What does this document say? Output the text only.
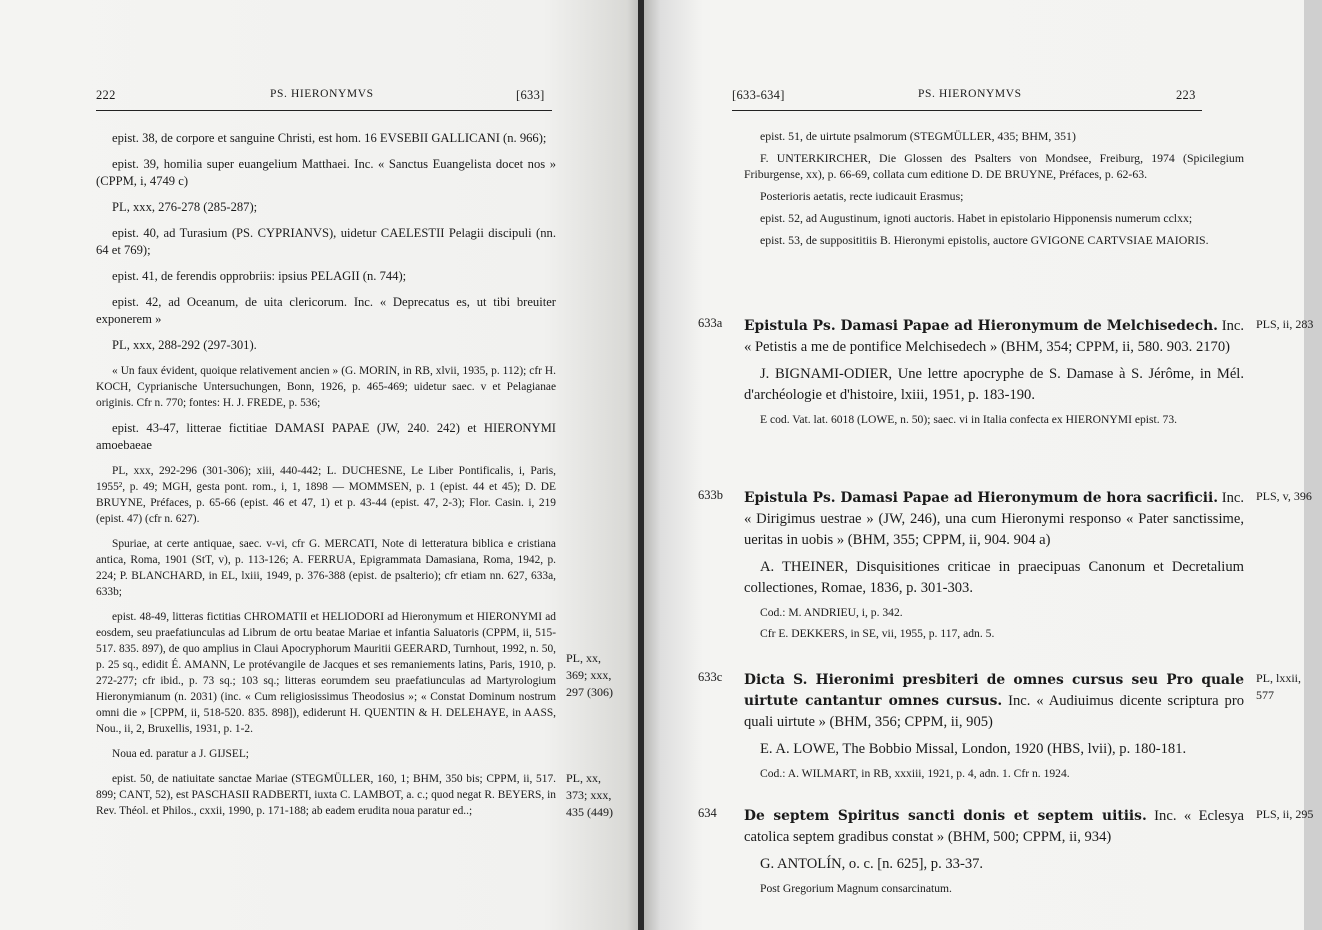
222	PS. HIERONYMVS	[633]

epist. 38, de corpore et sanguine Christi, est hom. 16 EVSEBII GALLICANI (n. 966);

epist. 39, homilia super euangelium Matthaei. Inc. « Sanctus Euangelista docet nos » (CPPM, i, 4749 c)

PL, xxx, 276-278 (285-287);

epist. 40, ad Turasium (PS. CYPRIANVS), uidetur CAELESTII Pelagii discipuli (nn. 64 et 769);

epist. 41, de ferendis opprobriis: ipsius PELAGII (n. 744);

epist. 42, ad Oceanum, de uita clericorum. Inc. « Deprecatus es, ut tibi breuiter exponerem »

PL, xxx, 288-292 (297-301).

« Un faux évident, quoique relativement ancien » (G. MORIN, in RB, xlvii, 1935, p. 112); cfr H. KOCH, Cyprianische Untersuchungen, Bonn, 1926, p. 465-469; uidetur saec. v et Pelagianae originis. Cfr n. 770; fontes: H. J. FREDE, p. 536;

epist. 43-47, litterae fictitiae DAMASI PAPAE (JW, 240. 242) et HIERONYMI amoebaeae

PL, xxx, 292-296 (301-306); xiii, 440-442; L. DUCHESNE, Le Liber Pontificalis, i, Paris, 1955², p. 49; MGH, gesta pont. rom., i, 1, 1898 — MOMMSEN, p. 1 (epist. 44 et 45); D. DE BRUYNE, Préfaces, p. 65-66 (epist. 46 et 47, 1) et p. 43-44 (epist. 47, 2-3); Flor. Casin. i, 219 (epist. 47) (cfr n. 627).

Spuriae, at certe antiquae, saec. v-vi, cfr G. MERCATI, Note di letteratura biblica e cristiana antica, Roma, 1901 (StT, v), p. 113-126; A. FERRUA, Epigrammata Damasiana, Roma, 1942, p. 224; P. BLANCHARD, in EL, lxiii, 1949, p. 376-388 (epist. de psalterio); cfr etiam nn. 627, 633a, 633b;

epist. 48-49, litteras fictitias CHROMATII et HELIODORI ad Hieronymum et HIERONYMI ad eosdem, seu praefatiunculas ad Librum de ortu beatae Mariae et infantia Saluatoris (CPPM, ii, 515-517. 835. 897), de quo amplius in Claui Apocryphorum Mauritii GEERARD, Turnhout, 1992, n. 50, p. 25 sq., edidit É. AMANN, Le protévangile de Jacques et ses remaniements latins, Paris, 1910, p. 272-277; cfr ibid., p. 73 sq.; 103 sq.; litteras eorumdem seu praefatiunculas ad Martyrologium Hieronymianum (n. 2031) (inc. « Cum religiosissimus Theodosius »; « Constat Dominum nostrum omni die » [CPPM, ii, 518-520. 835. 898]), ediderunt H. QUENTIN & H. DELEHAYE, in AASS, Nou., ii, 2, Bruxellis, 1931, p. 1-2.

Noua ed. paratur a J. GIJSEL;

epist. 50, de natiuitate sanctae Mariae (STEGMÜLLER, 160, 1; BHM, 350 bis; CPPM, ii, 517. 899; CANT, 52), est PASCHASII RADBERTI, iuxta C. LAMBOT, a. c.; quod negat R. BEYERS, in Rev. Théol. et Philos., cxxii, 1990, p. 171-188; ab eadem erudita noua paratur ed..;

PL, xx,
369; xxx,
297 (306)
PL, xx,
373; xxx,
435 (449)
[633-634]	PS. HIERONYMVS	223

epist. 51, de uirtute psalmorum (STEGMÜLLER, 435; BHM, 351)

F. UNTERKIRCHER, Die Glossen des Psalters von Mondsee, Freiburg, 1974 (Spicilegium Friburgense, xx), p. 66-69, collata cum editione D. DE BRUYNE, Préfaces, p. 62-63.

Posterioris aetatis, recte iudicauit Erasmus;

epist. 52, ad Augustinum, ignoti auctoris. Habet in epistolario Hipponensis numerum cclxx;

epist. 53, de supposititiis B. Hieronymi epistolis, auctore GVIGONE CARTVSIAE MAIORIS.

633a	PLS, ii, 283
Epistula Ps. Damasi Papae ad Hieronymum de Melchisedech. Inc. « Petistis a me de pontifice Melchisedech » (BHM, 354; CPPM, ii, 580. 903. 2170)
J. BIGNAMI-ODIER, Une lettre apocryphe de S. Damase à S. Jérôme, in Mél. d'archéologie et d'histoire, lxiii, 1951, p. 183-190.
E cod. Vat. lat. 6018 (LOWE, n. 50); saec. vi in Italia confecta ex HIERONYMI epist. 73.
633b	PLS, v, 396
Epistula Ps. Damasi Papae ad Hieronymum de hora sacrificii. Inc. « Dirigimus uestrae » (JW, 246), una cum Hieronymi responso « Pater sanctissime, ueritas in uobis » (BHM, 355; CPPM, ii, 904. 904 a)
A. THEINER, Disquisitiones criticae in praecipuas Canonum et Decretalium collectiones, Romae, 1836, p. 301-303.
Cod.: M. ANDRIEU, i, p. 342.
Cfr E. DEKKERS, in SE, vii, 1955, p. 117, adn. 5.
633c	PL, lxxii,
577
Dicta S. Hieronimi presbiteri de omnes cursus seu Pro quale uirtute cantantur omnes cursus. Inc. « Audiuimus dicente scriptura pro quali uirtute » (BHM, 356; CPPM, ii, 905)
E. A. LOWE, The Bobbio Missal, London, 1920 (HBS, lvii), p. 180-181.
Cod.: A. WILMART, in RB, xxxiii, 1921, p. 4, adn. 1. Cfr n. 1924.
634	PLS, ii, 295
De septem Spiritus sancti donis et septem uitiis. Inc. « Eclesya catolica septem gradibus constat » (BHM, 500; CPPM, ii, 934)
G. ANTOLÍN, o. c. [n. 625], p. 33-37.
Post Gregorium Magnum consarcinatum.
